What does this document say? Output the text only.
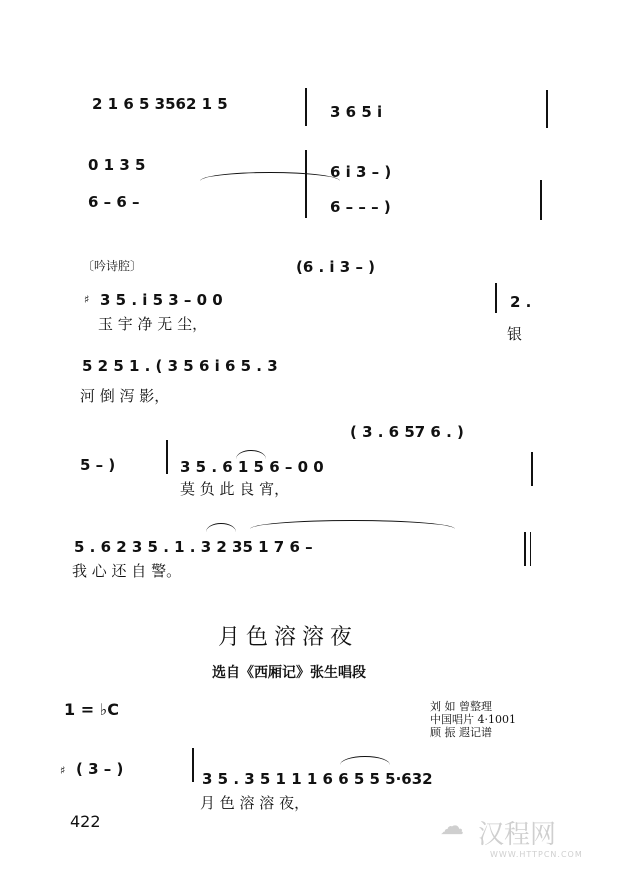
2 1 6 5 3562 1 5	3 6 5 i
0 1 3 5	6 i 3 – )
6 – 6 –	6 – – – )
〔吟诗腔〕	(6 . i 3 – )
♯ 3 5 . i 5 3 – 0 0	2 .
玉 宇 净 无 尘，
银
5 2 5 1 . ( 3 5 6 i 6 5 . 3
河 倒 泻 影，
( 3 . 6 57 6 . )
5 – )	3 5 . 6 1 5 6 – 0 0
莫 负 此 良 宵，
5 . 6 2 3 5 . 1 . 3 2 35 1 7 6 –
我 心 还 自 警。
月色溶溶夜
选自《西厢记》张生唱段
1 = ♭C	刘 如 曾整理
中国唱片 4·1001
顾 振 遐记谱
♯ ( 3 – )
3 5 . 3 5 1 1 1 6 6 5 5 5·632
月 色 溶 溶 夜，
422	☁ 汉程网
WWW.HTTPCN.COM
